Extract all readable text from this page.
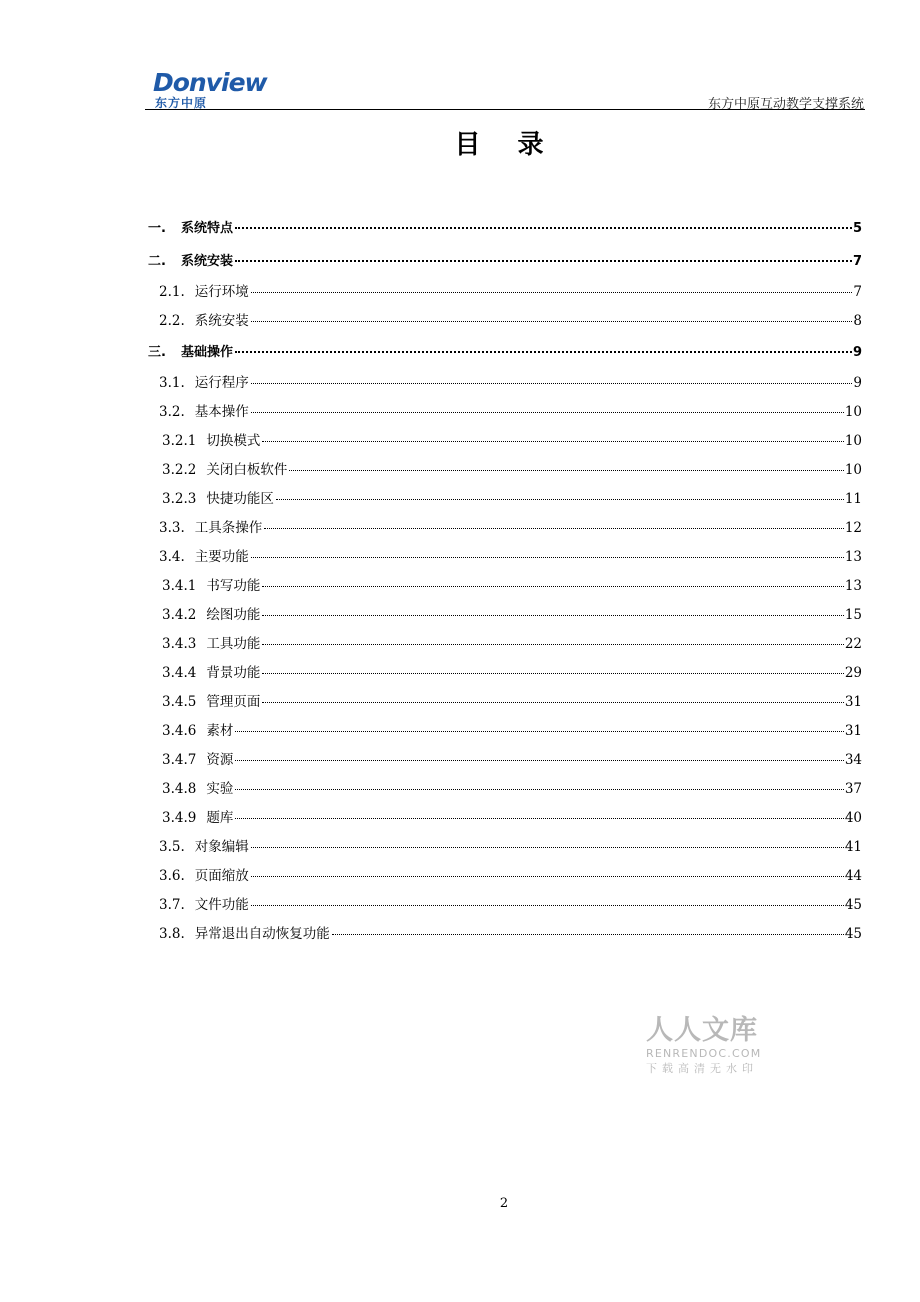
Donview
东方中原	东方中原互动教学支撑系统
目 录
一.	系统特点	5
二.	系统安装	7
2.1. 运行环境	7
2.2. 系统安装	8
三.	基础操作	9
3.1. 运行程序	9
3.2. 基本操作	10
3.2.1 切换模式	10
3.2.2 关闭白板软件	10
3.2.3 快捷功能区	11
3.3. 工具条操作	12
3.4. 主要功能	13
3.4.1 书写功能	13
3.4.2 绘图功能	15
3.4.3 工具功能	22
3.4.4 背景功能	29
3.4.5 管理页面	31
3.4.6 素材	31
3.4.7 资源	34
3.4.8 实验	37
3.4.9 题库	40
3.5. 对象编辑	41
3.6. 页面缩放	44
3.7. 文件功能	45
3.8. 异常退出自动恢复功能	45
人人文库
RENRENDOC.COM
下载高清无水印
2
